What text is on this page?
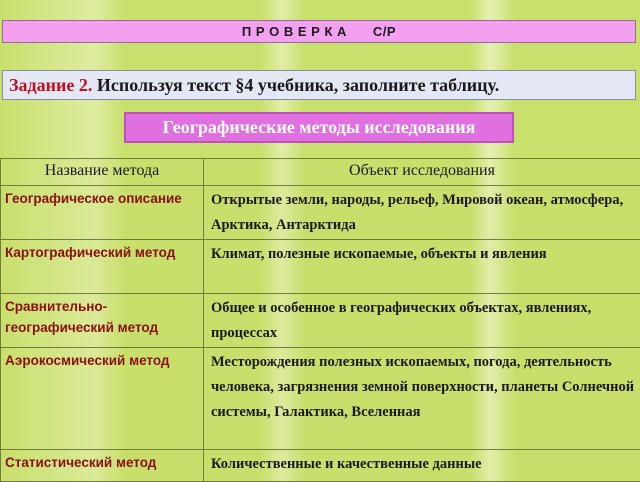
П Р О В Е Р К А С/Р
Задание 2. Используя текст §4 учебника, заполните таблицу.
Географические методы исследования
Название метода	Объект исследования
Географическое описание	Открытые земли, народы, рельеф, Мировой океан, атмосфера, Арктика, Антарктида
Картографический метод	Климат, полезные ископаемые, объекты и явления
Сравнительно-географический метод	Общее и особенное в географических объектах, явлениях, процессах
Аэрокосмический метод	Месторождения полезных ископаемых, погода, деятельность человека, загрязнения земной поверхности, планеты Солнечной системы, Галактика, Вселенная
Статистический метод	Количественные и качественные данные
